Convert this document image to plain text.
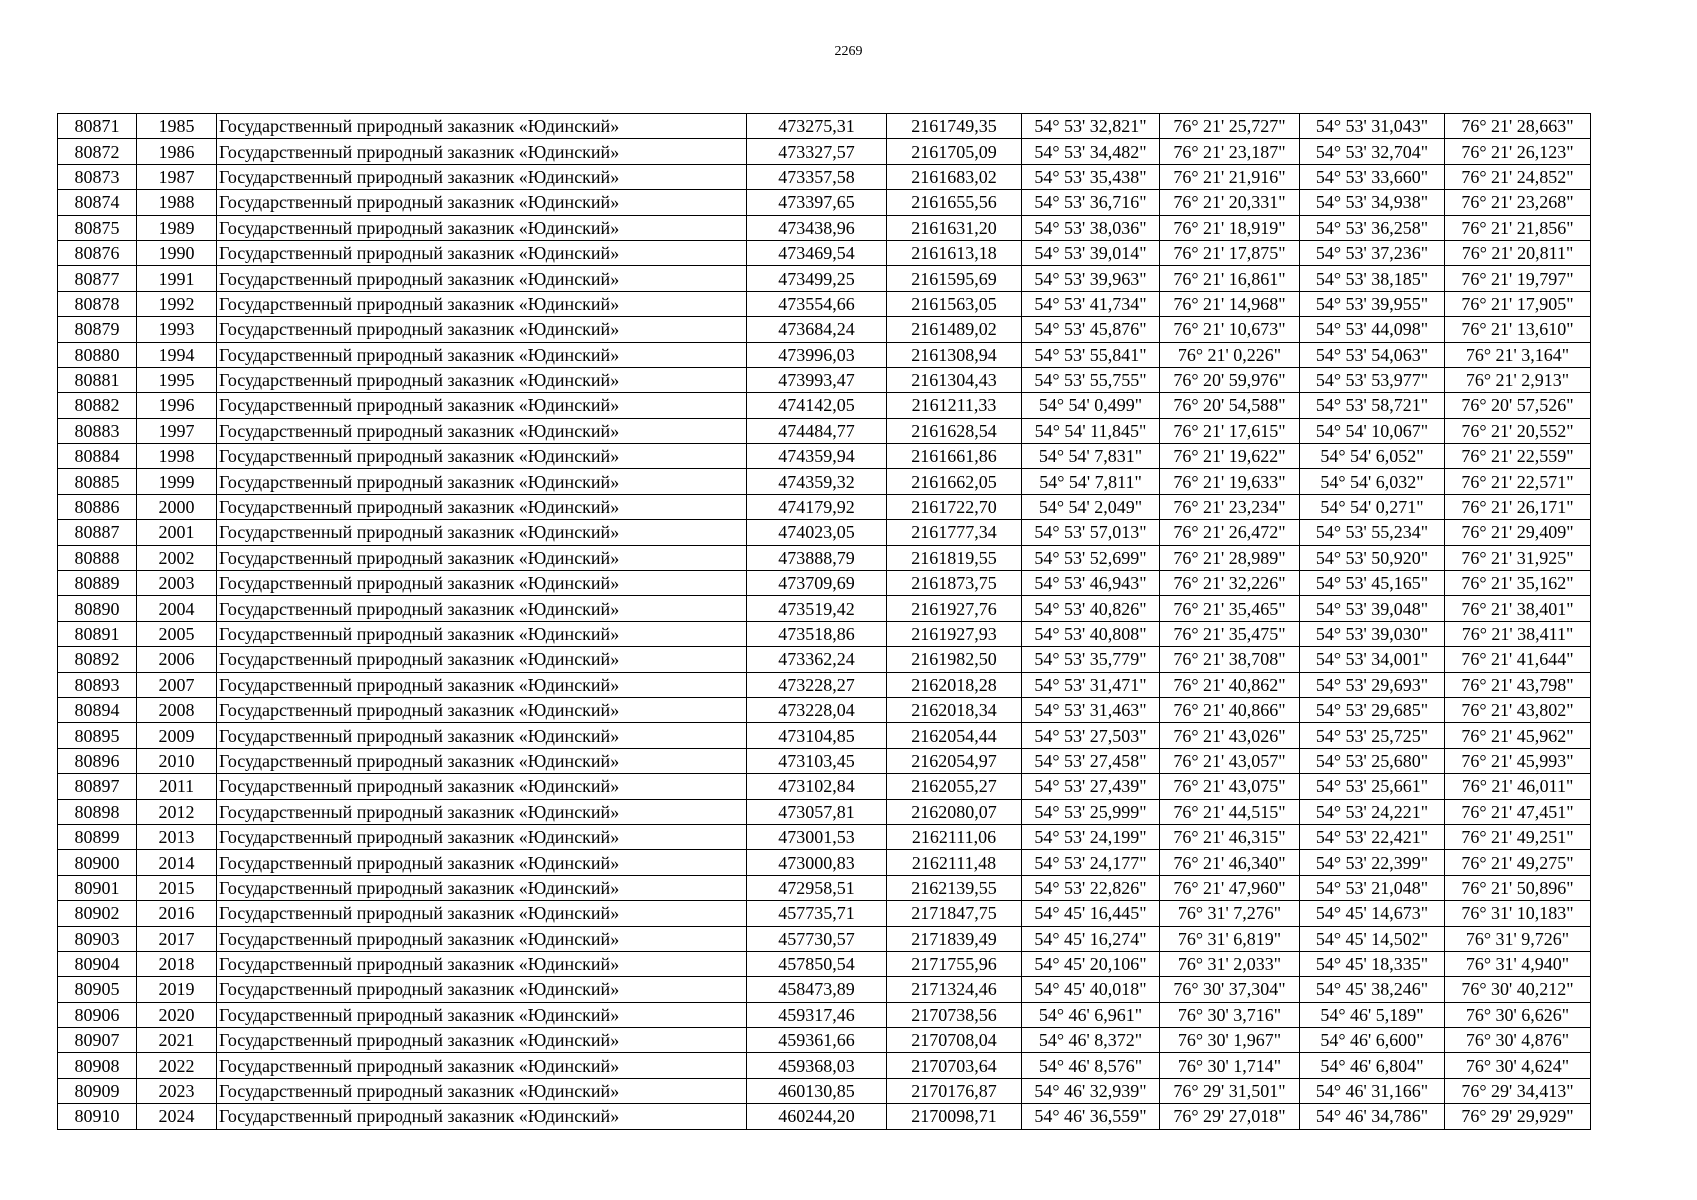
2269
80871	1985	Государственный природный заказник «Юдинский»	473275,31	2161749,35	54° 53' 32,821"	76° 21' 25,727"	54° 53' 31,043"	76° 21' 28,663"
80872	1986	Государственный природный заказник «Юдинский»	473327,57	2161705,09	54° 53' 34,482"	76° 21' 23,187"	54° 53' 32,704"	76° 21' 26,123"
80873	1987	Государственный природный заказник «Юдинский»	473357,58	2161683,02	54° 53' 35,438"	76° 21' 21,916"	54° 53' 33,660"	76° 21' 24,852"
80874	1988	Государственный природный заказник «Юдинский»	473397,65	2161655,56	54° 53' 36,716"	76° 21' 20,331"	54° 53' 34,938"	76° 21' 23,268"
80875	1989	Государственный природный заказник «Юдинский»	473438,96	2161631,20	54° 53' 38,036"	76° 21' 18,919"	54° 53' 36,258"	76° 21' 21,856"
80876	1990	Государственный природный заказник «Юдинский»	473469,54	2161613,18	54° 53' 39,014"	76° 21' 17,875"	54° 53' 37,236"	76° 21' 20,811"
80877	1991	Государственный природный заказник «Юдинский»	473499,25	2161595,69	54° 53' 39,963"	76° 21' 16,861"	54° 53' 38,185"	76° 21' 19,797"
80878	1992	Государственный природный заказник «Юдинский»	473554,66	2161563,05	54° 53' 41,734"	76° 21' 14,968"	54° 53' 39,955"	76° 21' 17,905"
80879	1993	Государственный природный заказник «Юдинский»	473684,24	2161489,02	54° 53' 45,876"	76° 21' 10,673"	54° 53' 44,098"	76° 21' 13,610"
80880	1994	Государственный природный заказник «Юдинский»	473996,03	2161308,94	54° 53' 55,841"	76° 21' 0,226"	54° 53' 54,063"	76° 21' 3,164"
80881	1995	Государственный природный заказник «Юдинский»	473993,47	2161304,43	54° 53' 55,755"	76° 20' 59,976"	54° 53' 53,977"	76° 21' 2,913"
80882	1996	Государственный природный заказник «Юдинский»	474142,05	2161211,33	54° 54' 0,499"	76° 20' 54,588"	54° 53' 58,721"	76° 20' 57,526"
80883	1997	Государственный природный заказник «Юдинский»	474484,77	2161628,54	54° 54' 11,845"	76° 21' 17,615"	54° 54' 10,067"	76° 21' 20,552"
80884	1998	Государственный природный заказник «Юдинский»	474359,94	2161661,86	54° 54' 7,831"	76° 21' 19,622"	54° 54' 6,052"	76° 21' 22,559"
80885	1999	Государственный природный заказник «Юдинский»	474359,32	2161662,05	54° 54' 7,811"	76° 21' 19,633"	54° 54' 6,032"	76° 21' 22,571"
80886	2000	Государственный природный заказник «Юдинский»	474179,92	2161722,70	54° 54' 2,049"	76° 21' 23,234"	54° 54' 0,271"	76° 21' 26,171"
80887	2001	Государственный природный заказник «Юдинский»	474023,05	2161777,34	54° 53' 57,013"	76° 21' 26,472"	54° 53' 55,234"	76° 21' 29,409"
80888	2002	Государственный природный заказник «Юдинский»	473888,79	2161819,55	54° 53' 52,699"	76° 21' 28,989"	54° 53' 50,920"	76° 21' 31,925"
80889	2003	Государственный природный заказник «Юдинский»	473709,69	2161873,75	54° 53' 46,943"	76° 21' 32,226"	54° 53' 45,165"	76° 21' 35,162"
80890	2004	Государственный природный заказник «Юдинский»	473519,42	2161927,76	54° 53' 40,826"	76° 21' 35,465"	54° 53' 39,048"	76° 21' 38,401"
80891	2005	Государственный природный заказник «Юдинский»	473518,86	2161927,93	54° 53' 40,808"	76° 21' 35,475"	54° 53' 39,030"	76° 21' 38,411"
80892	2006	Государственный природный заказник «Юдинский»	473362,24	2161982,50	54° 53' 35,779"	76° 21' 38,708"	54° 53' 34,001"	76° 21' 41,644"
80893	2007	Государственный природный заказник «Юдинский»	473228,27	2162018,28	54° 53' 31,471"	76° 21' 40,862"	54° 53' 29,693"	76° 21' 43,798"
80894	2008	Государственный природный заказник «Юдинский»	473228,04	2162018,34	54° 53' 31,463"	76° 21' 40,866"	54° 53' 29,685"	76° 21' 43,802"
80895	2009	Государственный природный заказник «Юдинский»	473104,85	2162054,44	54° 53' 27,503"	76° 21' 43,026"	54° 53' 25,725"	76° 21' 45,962"
80896	2010	Государственный природный заказник «Юдинский»	473103,45	2162054,97	54° 53' 27,458"	76° 21' 43,057"	54° 53' 25,680"	76° 21' 45,993"
80897	2011	Государственный природный заказник «Юдинский»	473102,84	2162055,27	54° 53' 27,439"	76° 21' 43,075"	54° 53' 25,661"	76° 21' 46,011"
80898	2012	Государственный природный заказник «Юдинский»	473057,81	2162080,07	54° 53' 25,999"	76° 21' 44,515"	54° 53' 24,221"	76° 21' 47,451"
80899	2013	Государственный природный заказник «Юдинский»	473001,53	2162111,06	54° 53' 24,199"	76° 21' 46,315"	54° 53' 22,421"	76° 21' 49,251"
80900	2014	Государственный природный заказник «Юдинский»	473000,83	2162111,48	54° 53' 24,177"	76° 21' 46,340"	54° 53' 22,399"	76° 21' 49,275"
80901	2015	Государственный природный заказник «Юдинский»	472958,51	2162139,55	54° 53' 22,826"	76° 21' 47,960"	54° 53' 21,048"	76° 21' 50,896"
80902	2016	Государственный природный заказник «Юдинский»	457735,71	2171847,75	54° 45' 16,445"	76° 31' 7,276"	54° 45' 14,673"	76° 31' 10,183"
80903	2017	Государственный природный заказник «Юдинский»	457730,57	2171839,49	54° 45' 16,274"	76° 31' 6,819"	54° 45' 14,502"	76° 31' 9,726"
80904	2018	Государственный природный заказник «Юдинский»	457850,54	2171755,96	54° 45' 20,106"	76° 31' 2,033"	54° 45' 18,335"	76° 31' 4,940"
80905	2019	Государственный природный заказник «Юдинский»	458473,89	2171324,46	54° 45' 40,018"	76° 30' 37,304"	54° 45' 38,246"	76° 30' 40,212"
80906	2020	Государственный природный заказник «Юдинский»	459317,46	2170738,56	54° 46' 6,961"	76° 30' 3,716"	54° 46' 5,189"	76° 30' 6,626"
80907	2021	Государственный природный заказник «Юдинский»	459361,66	2170708,04	54° 46' 8,372"	76° 30' 1,967"	54° 46' 6,600"	76° 30' 4,876"
80908	2022	Государственный природный заказник «Юдинский»	459368,03	2170703,64	54° 46' 8,576"	76° 30' 1,714"	54° 46' 6,804"	76° 30' 4,624"
80909	2023	Государственный природный заказник «Юдинский»	460130,85	2170176,87	54° 46' 32,939"	76° 29' 31,501"	54° 46' 31,166"	76° 29' 34,413"
80910	2024	Государственный природный заказник «Юдинский»	460244,20	2170098,71	54° 46' 36,559"	76° 29' 27,018"	54° 46' 34,786"	76° 29' 29,929"
